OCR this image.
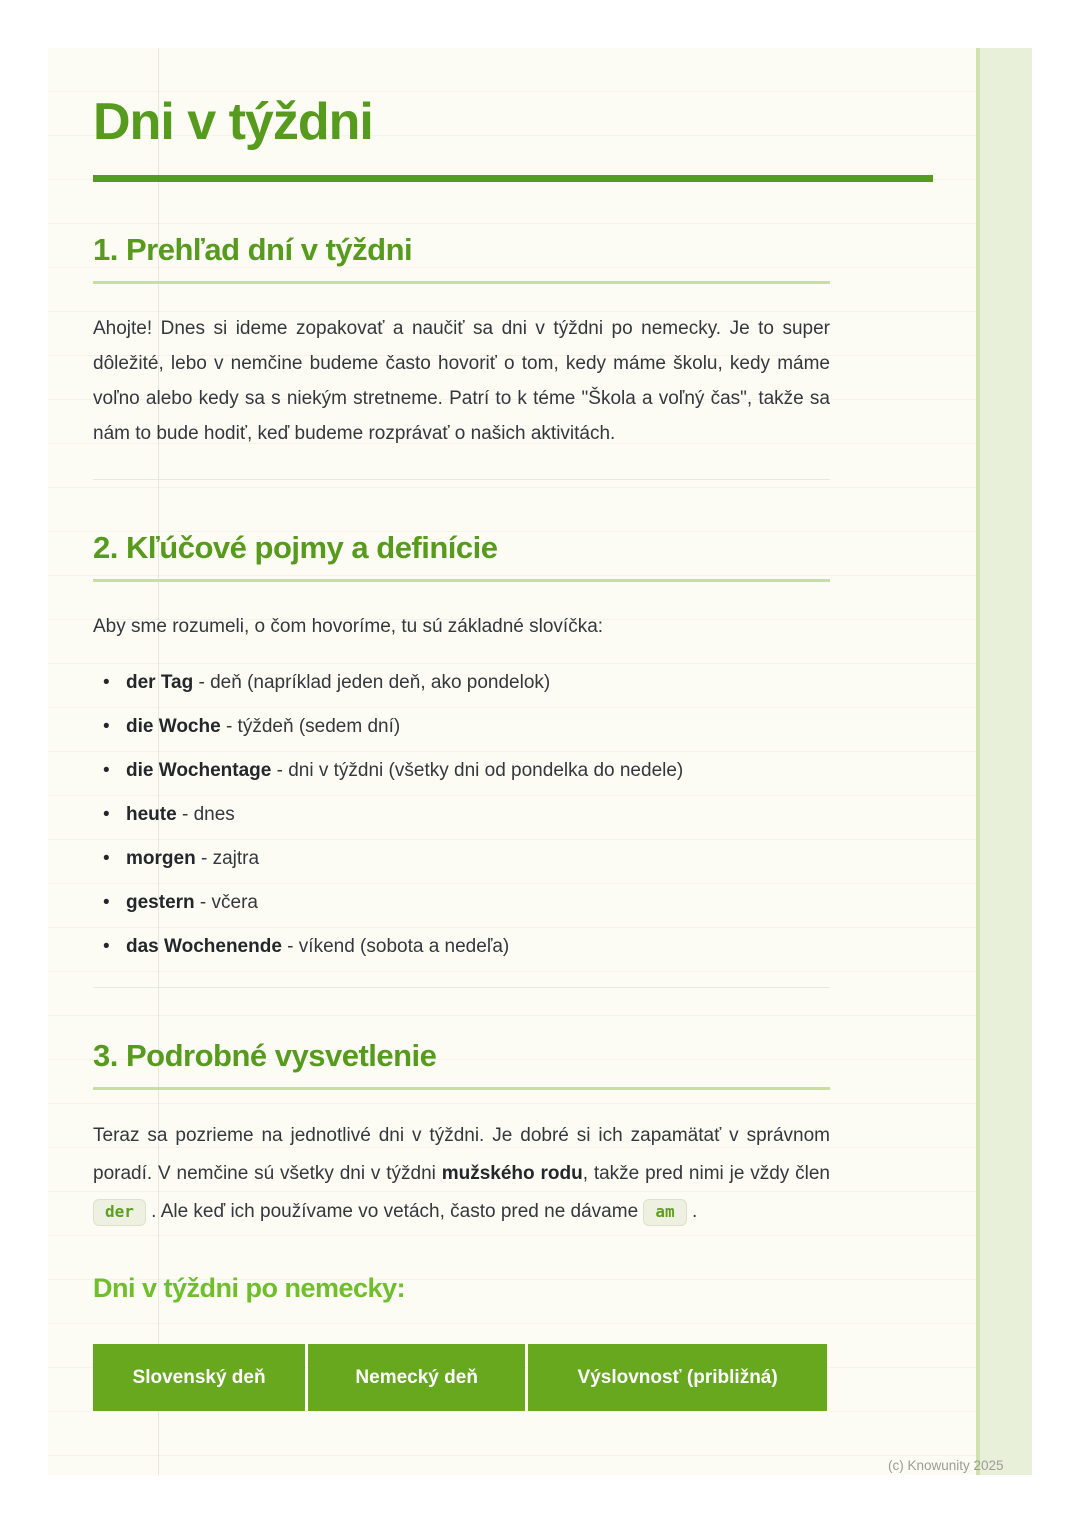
Dni v týždni
1. Prehľad dní v týždni

Ahojte! Dnes si ideme zopakovať a naučiť sa dni v týždni po nemecky. Je to super dôležité, lebo v nemčine budeme často hovoriť o tom, kedy máme školu, kedy máme voľno alebo kedy sa s niekým stretneme. Patrí to k téme "Škola a voľný čas", takže sa nám to bude hodiť, keď budeme rozprávať o našich aktivitách.

2. Kľúčové pojmy a definície

Aby sme rozumeli, o čom hovoríme, tu sú základné slovíčka:

• der Tag - deň (napríklad jeden deň, ako pondelok)
• die Woche - týždeň (sedem dní)
• die Wochentage - dni v týždni (všetky dni od pondelka do nedele)
• heute - dnes
• morgen - zajtra
• gestern - včera
• das Wochenende - víkend (sobota a nedeľa)
3. Podrobné vysvetlenie

Teraz sa pozrieme na jednotlivé dni v týždni. Je dobré si ich zapamätať v správnom poradí. V nemčine sú všetky dni v týždni mužského rodu, takže pred nimi je vždy člen der . Ale keď ich používame vo vetách, často pred ne dávame am .

Dni v týždni po nemecky:
Slovenský deň	Nemecký deň	Výslovnosť (približná)
(c) Knowunity 2025
